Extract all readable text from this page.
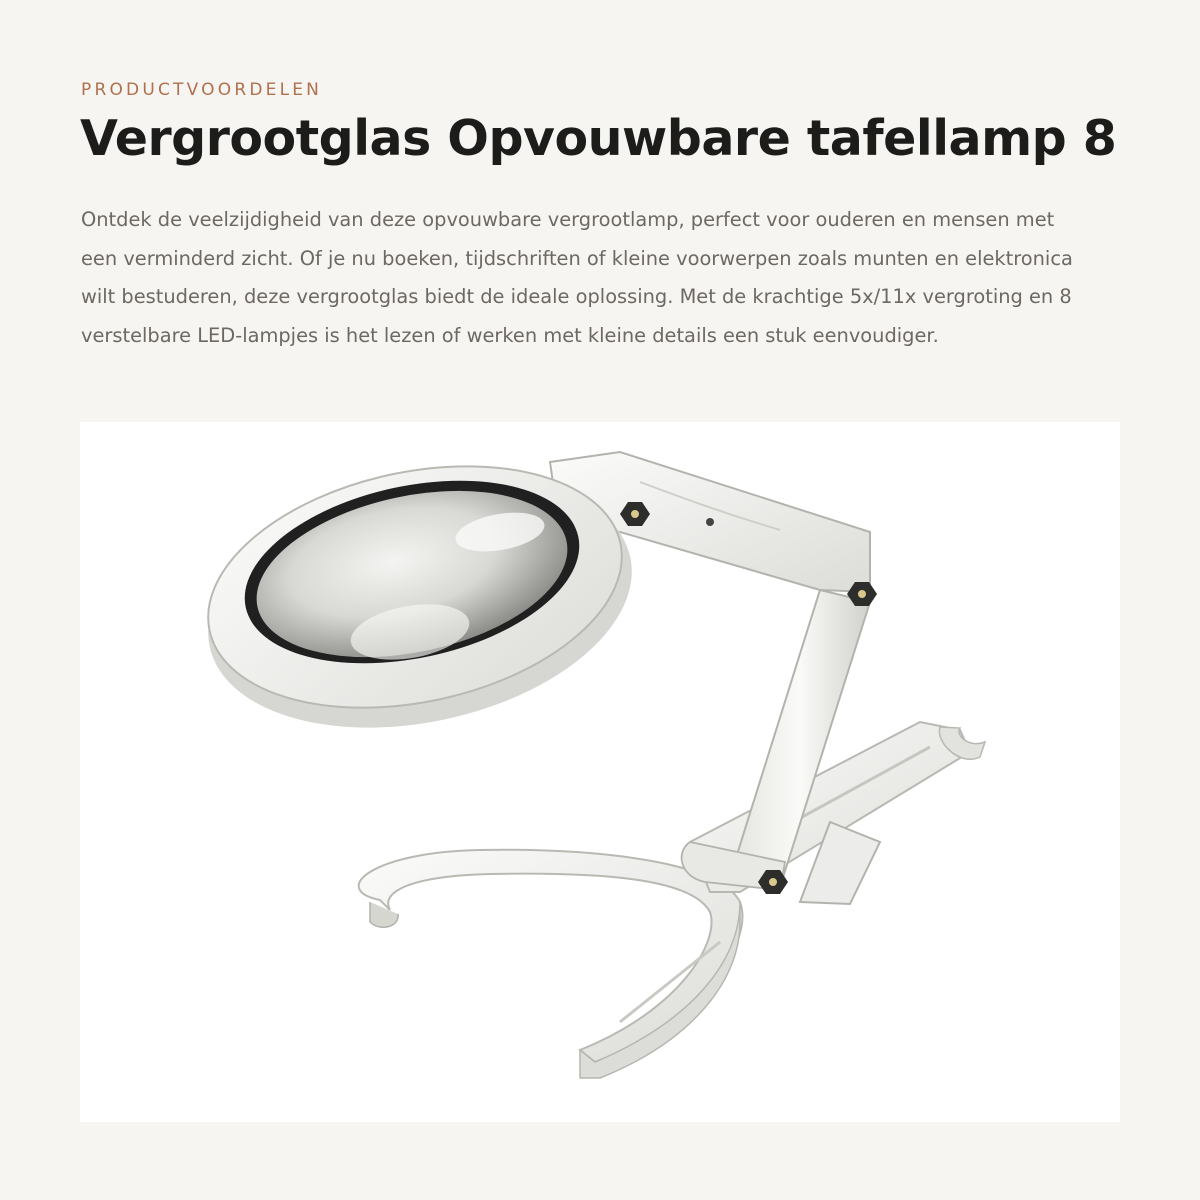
PRODUCTVOORDELEN

Vergrootglas Opvouwbare tafellamp 8

Ontdek de veelzijdigheid van deze opvouwbare vergrootlamp, perfect voor ouderen en mensen met een verminderd zicht. Of je nu boeken, tijdschriften of kleine voorwerpen zoals munten en elektronica wilt bestuderen, deze vergrootglas biedt de ideale oplossing. Met de krachtige 5x/11x vergroting en 8 verstelbare LED-lampjes is het lezen of werken met kleine details een stuk eenvoudiger.
